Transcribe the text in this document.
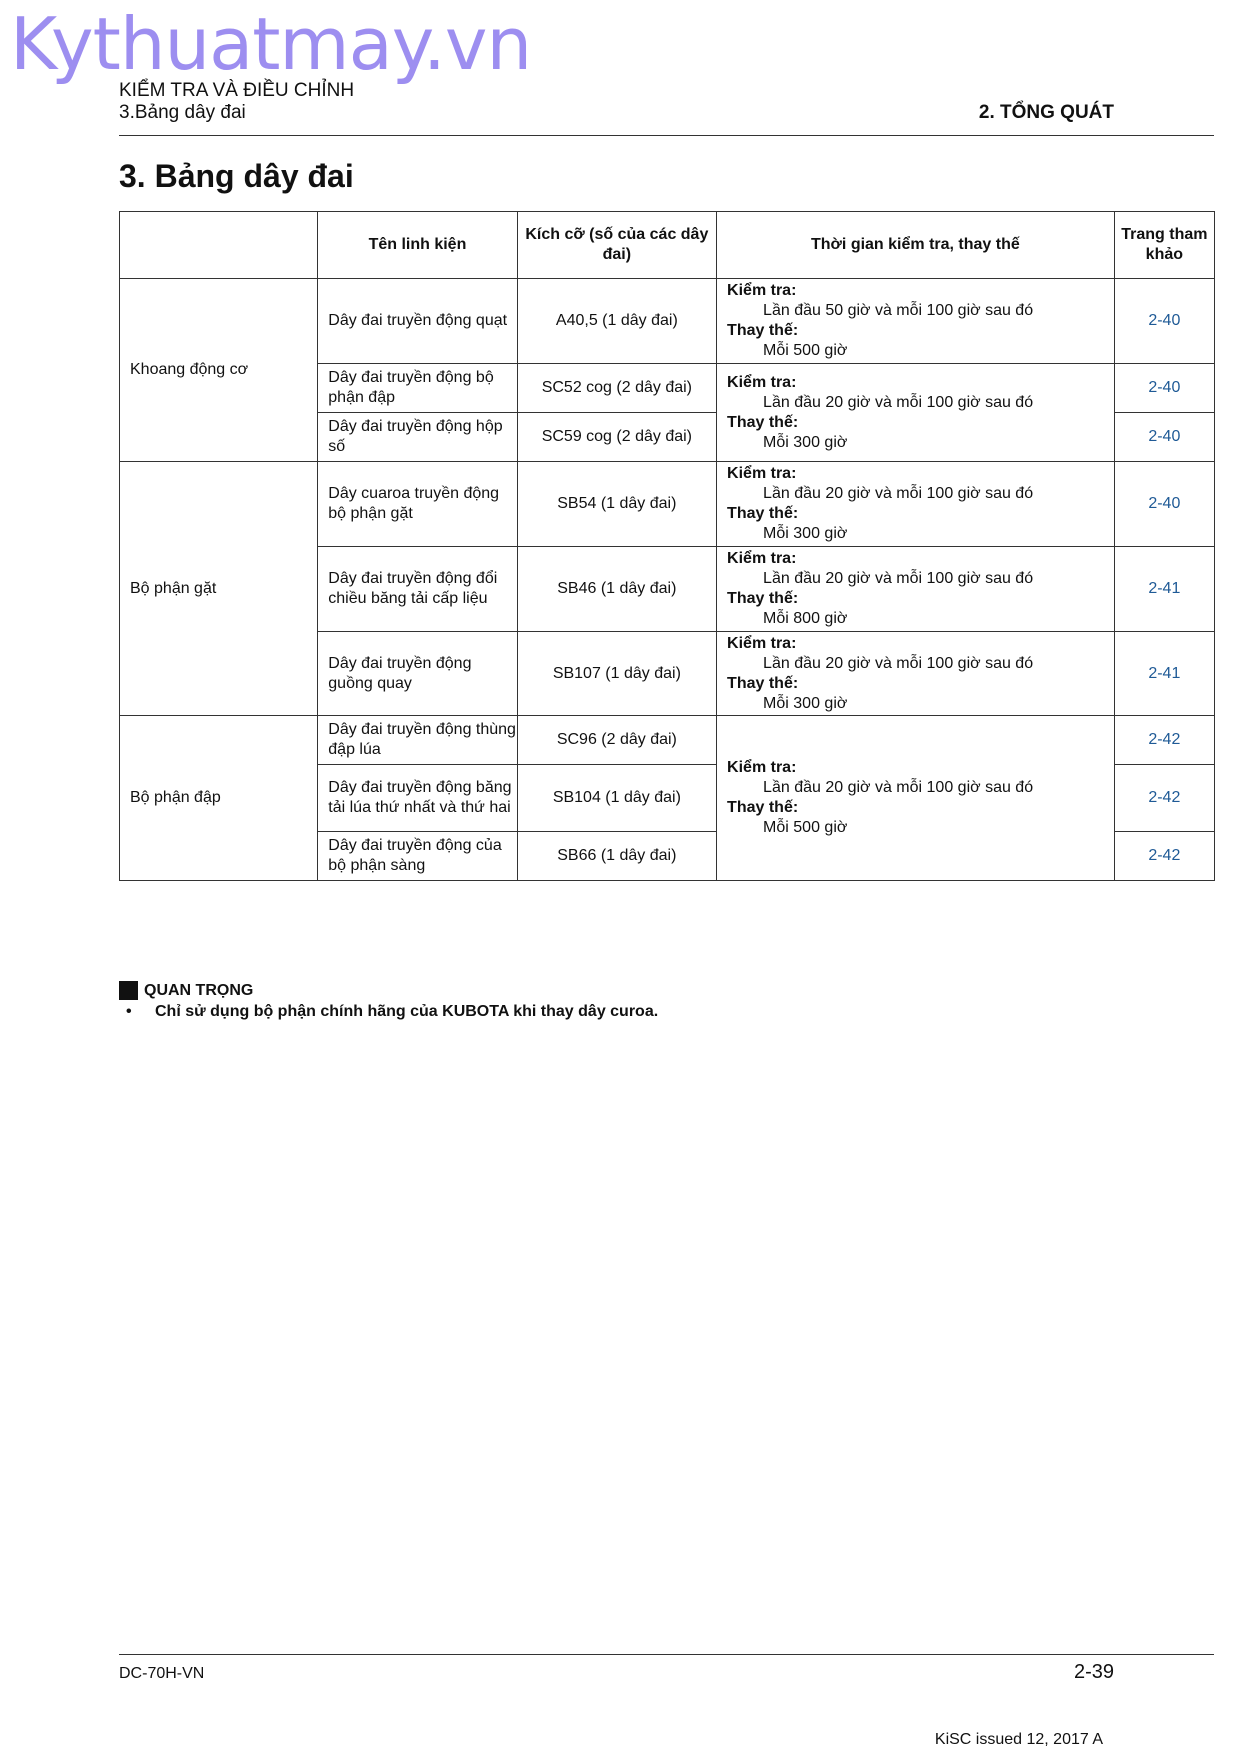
Kythuatmay.vn
KIỂM TRA VÀ ĐIỀU CHỈNH
3.Bảng dây đai	2. TỔNG QUÁT
3. Bảng dây đai
	Tên linh kiện	Kích cỡ (số của các dây đai)	Thời gian kiểm tra, thay thế	Trang tham khảo
Khoang động cơ	Dây đai truyền động quạt	A40,5 (1 dây đai)	Kiểm tra:
Lần đầu 50 giờ và mỗi 100 giờ sau đó
Thay thế:
Mỗi 500 giờ	2-40
	Dây đai truyền động bộ phận đập	SC52 cog (2 dây đai)	Kiểm tra:
Lần đầu 20 giờ và mỗi 100 giờ sau đó
Thay thế:
Mỗi 300 giờ	2-40
	Dây đai truyền động hộp số	SC59 cog (2 dây đai)		2-40
Bộ phận gặt	Dây cuaroa truyền động bộ phận gặt	SB54 (1 dây đai)	Kiểm tra:
Lần đầu 20 giờ và mỗi 100 giờ sau đó
Thay thế:
Mỗi 300 giờ	2-40
	Dây đai truyền động đổi chiều băng tải cấp liệu	SB46 (1 dây đai)	Kiểm tra:
Lần đầu 20 giờ và mỗi 100 giờ sau đó
Thay thế:
Mỗi 800 giờ	2-41
	Dây đai truyền động guồng quay	SB107 (1 dây đai)	Kiểm tra:
Lần đầu 20 giờ và mỗi 100 giờ sau đó
Thay thế:
Mỗi 300 giờ	2-41
Bộ phận đập	Dây đai truyền động thùng đập lúa	SC96 (2 dây đai)	Kiểm tra:
Lần đầu 20 giờ và mỗi 100 giờ sau đó
Thay thế:
Mỗi 500 giờ	2-42
	Dây đai truyền động băng tải lúa thứ nhất và thứ hai	SB104 (1 dây đai)		2-42
	Dây đai truyền động của bộ phận sàng	SB66 (1 dây đai)		2-42
QUAN TRỌNG
•	Chỉ sử dụng bộ phận chính hãng của KUBOTA khi thay dây curoa.
DC-70H-VN	2-39
KiSC issued 12, 2017 A
